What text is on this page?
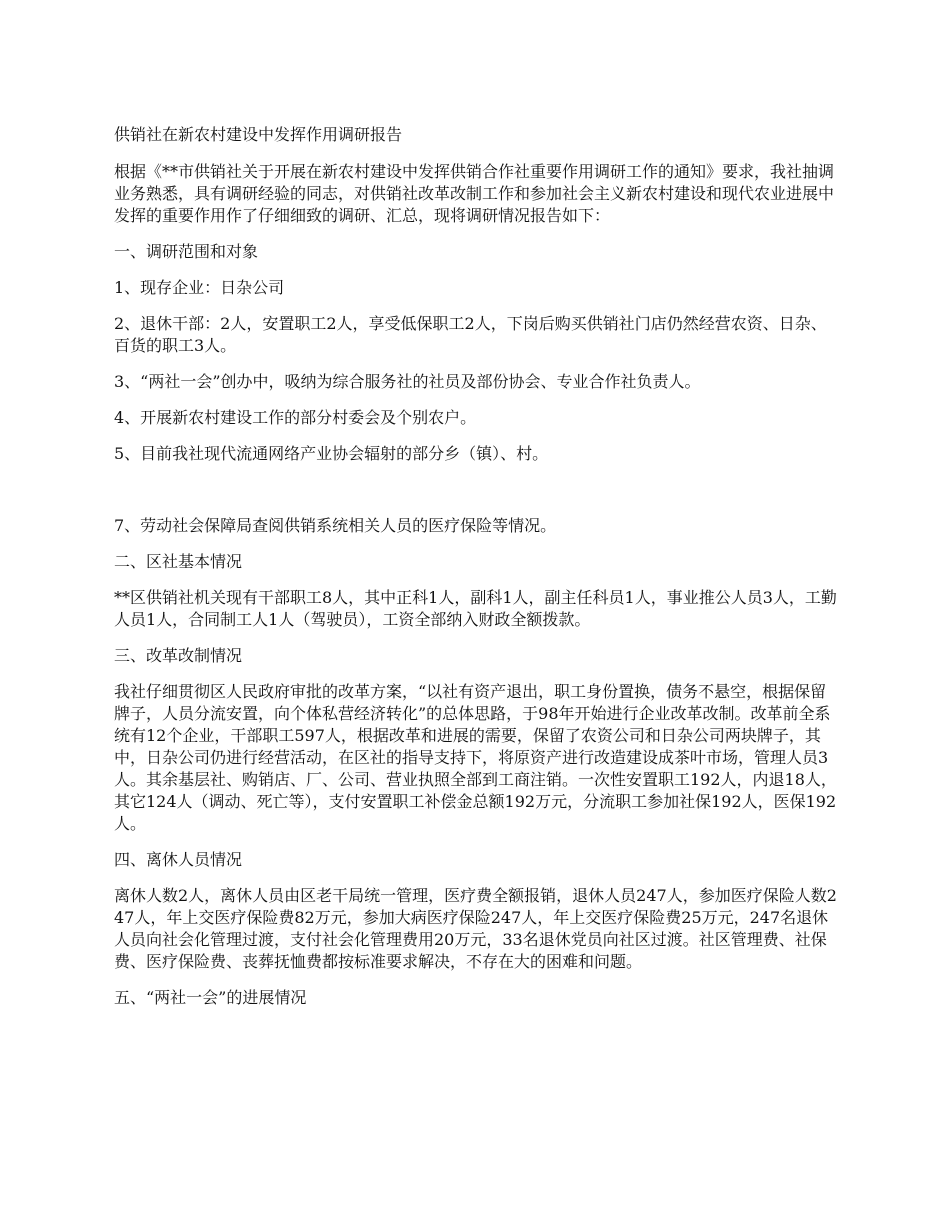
供销社在新农村建设中发挥作用调研报告

根据《**市供销社关于开展在新农村建设中发挥供销合作社重要作用调研工作的通知》要求，我社抽调业务熟悉，具有调研经验的同志，对供销社改革改制工作和参加社会主义新农村建设和现代农业进展中发挥的重要作用作了仔细细致的调研、汇总，现将调研情况报告如下：

一、调研范围和对象

1、现存企业：日杂公司

2、退休干部：2人，安置职工2人，享受低保职工2人，下岗后购买供销社门店仍然经营农资、日杂、百货的职工3人。

3、“两社一会”创办中，吸纳为综合服务社的社员及部份协会、专业合作社负责人。

4、开展新农村建设工作的部分村委会及个别农户。

5、目前我社现代流通网络产业协会辐射的部分乡（镇）、村。

7、劳动社会保障局查阅供销系统相关人员的医疗保险等情况。

二、区社基本情况

**区供销社机关现有干部职工8人，其中正科1人，副科1人，副主任科员1人，事业推公人员3人，工勤人员1人，合同制工人1人（驾驶员），工资全部纳入财政全额拨款。

三、改革改制情况

我社仔细贯彻区人民政府审批的改革方案，“以社有资产退出，职工身份置换，债务不悬空，根据保留牌子，人员分流安置，向个体私营经济转化”的总体思路，于98年开始进行企业改革改制。改革前全系统有12个企业，干部职工597人，根据改革和进展的需要，保留了农资公司和日杂公司两块牌子，其中，日杂公司仍进行经营活动，在区社的指导支持下，将原资产进行改造建设成茶叶市场，管理人员3人。其余基层社、购销店、厂、公司、营业执照全部到工商注销。一次性安置职工192人，内退18人，其它124人（调动、死亡等），支付安置职工补偿金总额192万元，分流职工参加社保192人，医保192人。

四、离休人员情况

离休人数2人，离休人员由区老干局统一管理，医疗费全额报销，退休人员247人，参加医疗保险人数247人，年上交医疗保险费82万元，参加大病医疗保险247人，年上交医疗保险费25万元，247名退休人员向社会化管理过渡，支付社会化管理费用20万元，33名退休党员向社区过渡。社区管理费、社保费、医疗保险费、丧葬抚恤费都按标准要求解决，不存在大的困难和问题。

五、“两社一会”的进展情况
